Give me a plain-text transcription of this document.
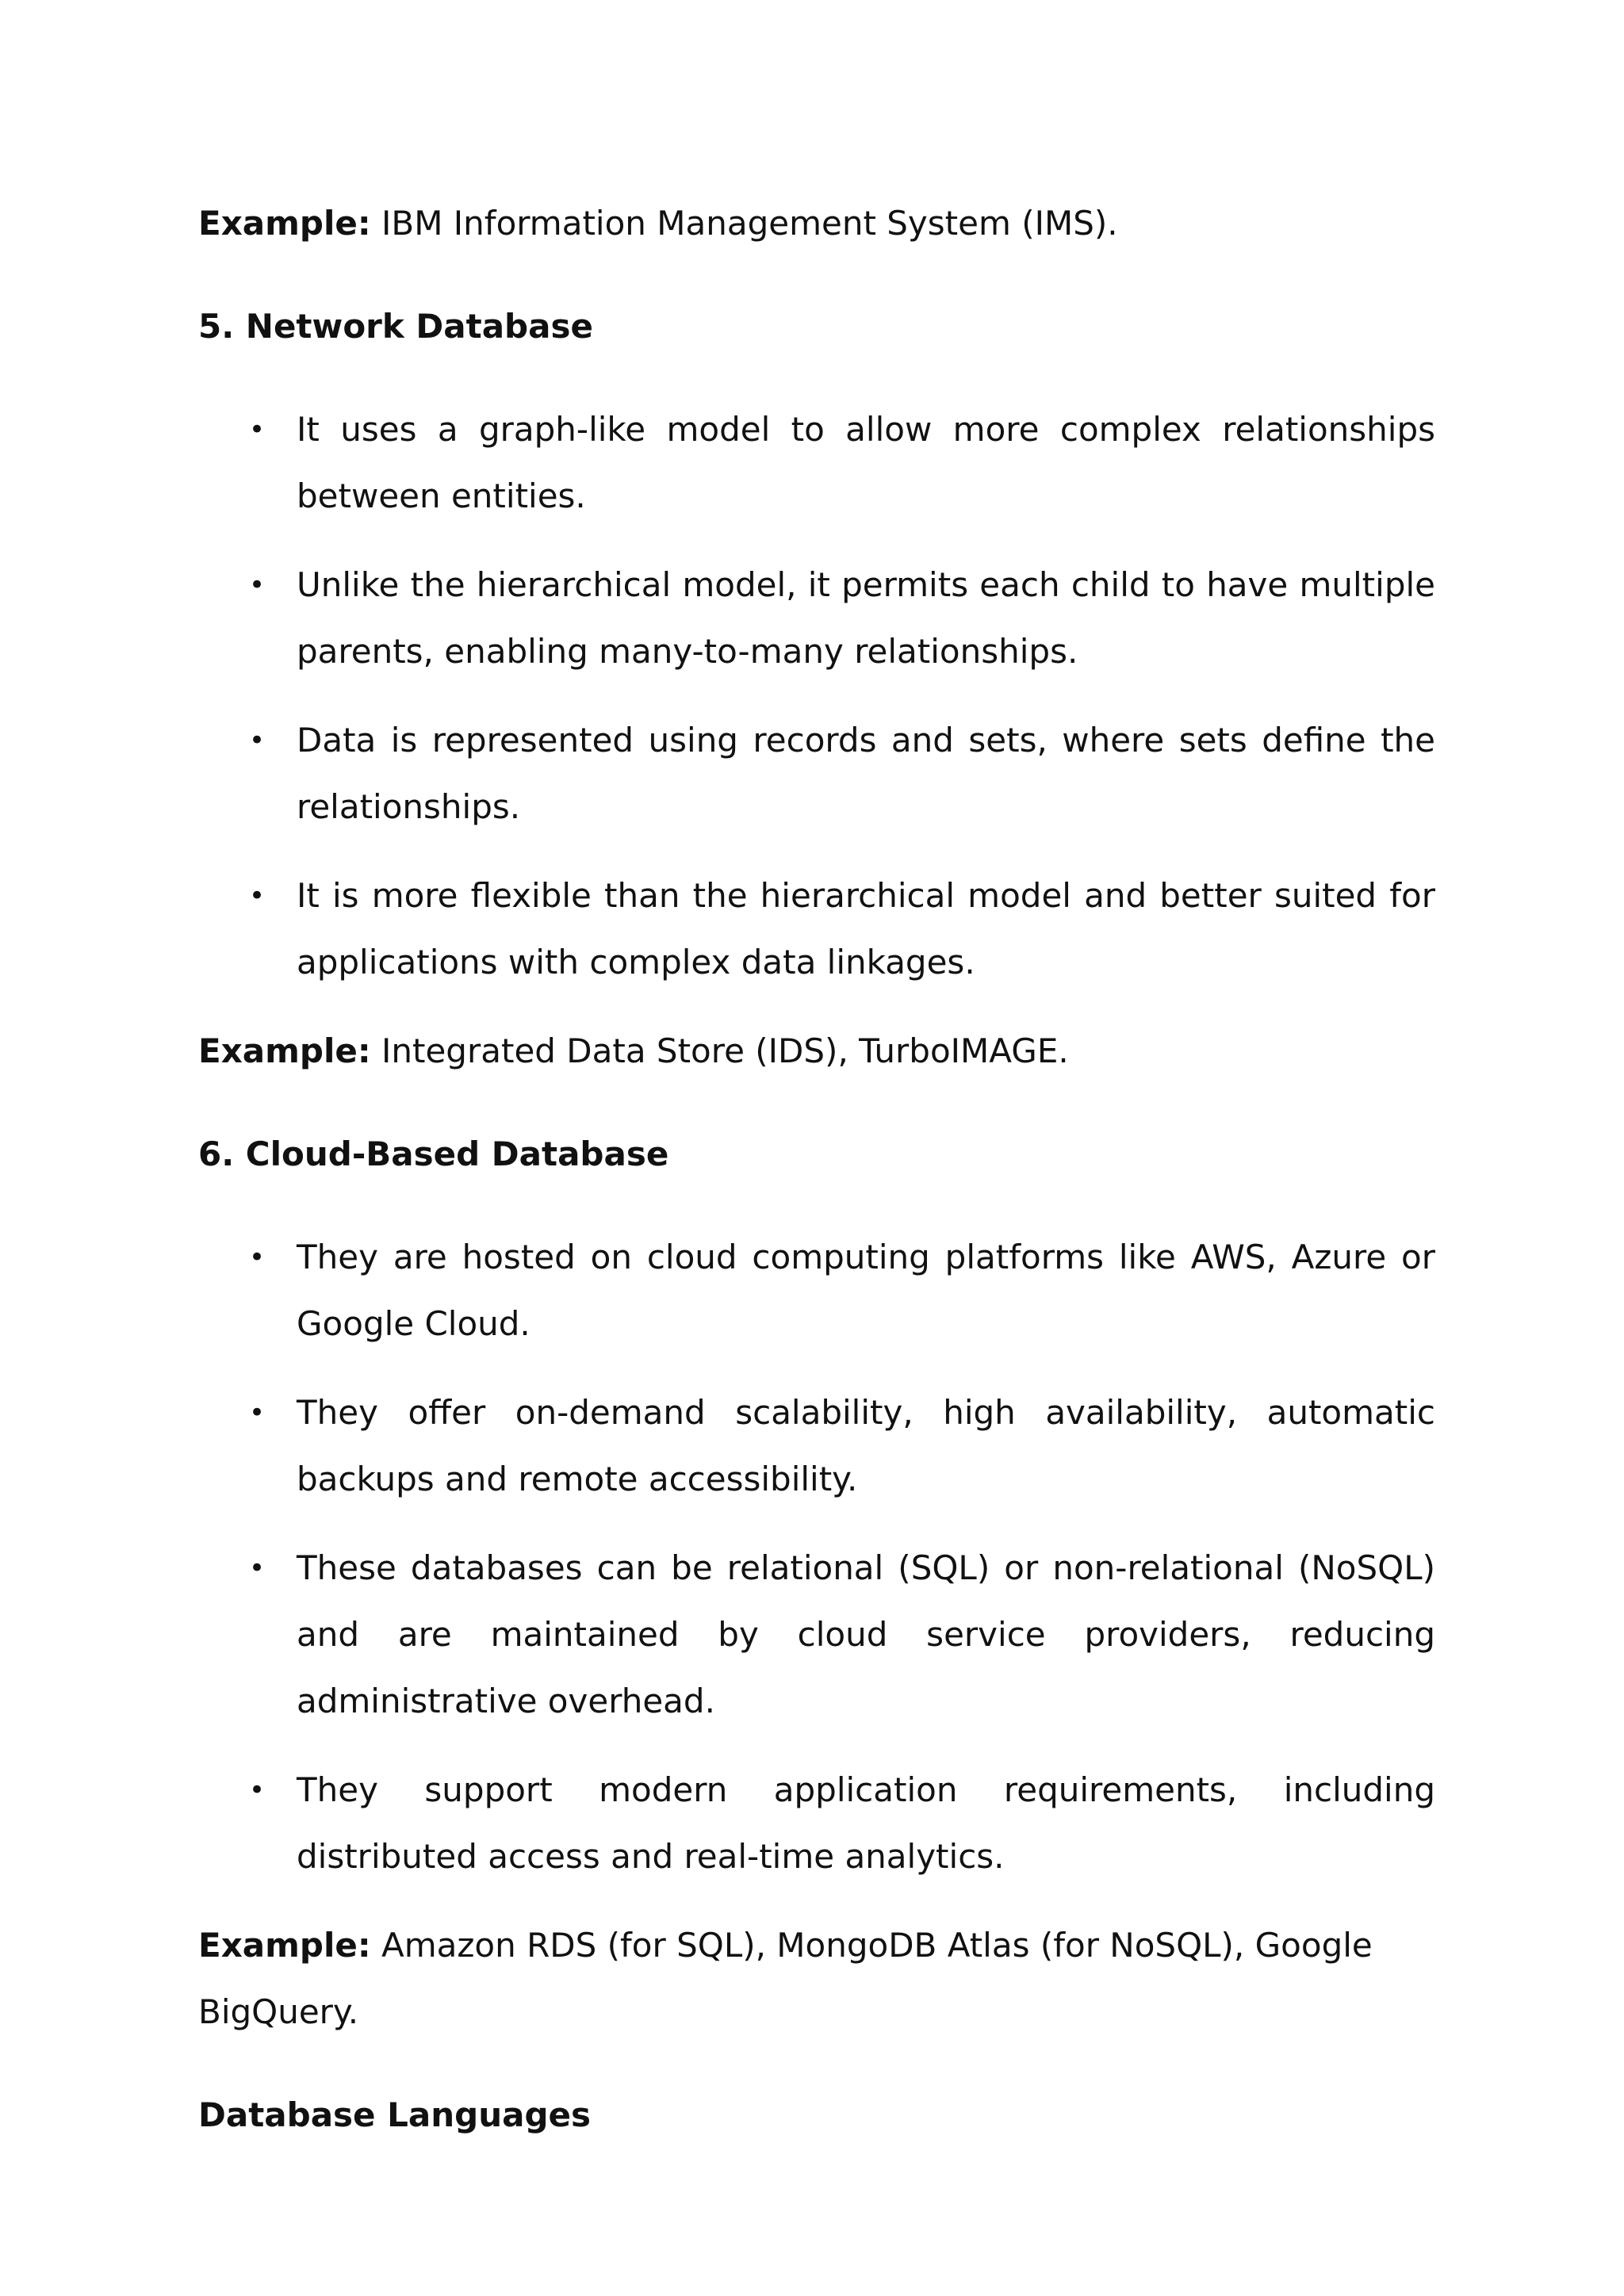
Example: IBM Information Management System (IMS).

5. Network Database

• It uses a graph-like model to allow more complex relationships between entities.
• Unlike the hierarchical model, it permits each child to have multiple parents, enabling many-to-many relationships.
• Data is represented using records and sets, where sets define the relationships.
• It is more flexible than the hierarchical model and better suited for applications with complex data linkages.

Example: Integrated Data Store (IDS), TurboIMAGE.

6. Cloud-Based Database

• They are hosted on cloud computing platforms like AWS, Azure or Google Cloud.
• They offer on-demand scalability, high availability, automatic backups and remote accessibility.
• These databases can be relational (SQL) or non-relational (NoSQL) and are maintained by cloud service providers, reducing administrative overhead.
• They support modern application requirements, including distributed access and real-time analytics.

Example: Amazon RDS (for SQL), MongoDB Atlas (for NoSQL), Google BigQuery.

Database Languages
